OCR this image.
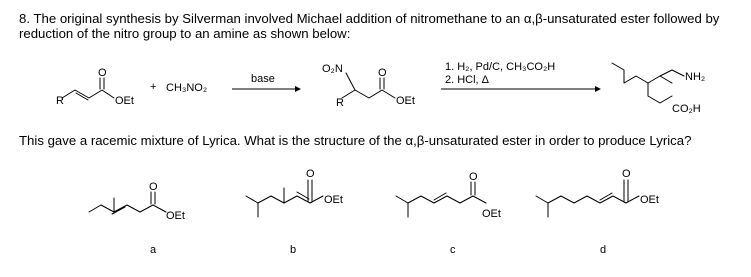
8. The original synthesis by Silverman involved Michael addition of nitromethane to an α,β-unsaturated ester followed by reduction of the nitro group to an amine as shown below:
R
O
OEt
+ CH₃NO₂
base
O₂N
R
O
OEt
1. H₂, Pd/C, CH₃CO₂H
2. HCl, Δ	NH₂
CO₂H
O
OEt
a
O
OEt
b
O
OEt
c
O
OEt
d
This gave a racemic mixture of Lyrica. What is the structure of the α,β-unsaturated ester in order to produce Lyrica?
